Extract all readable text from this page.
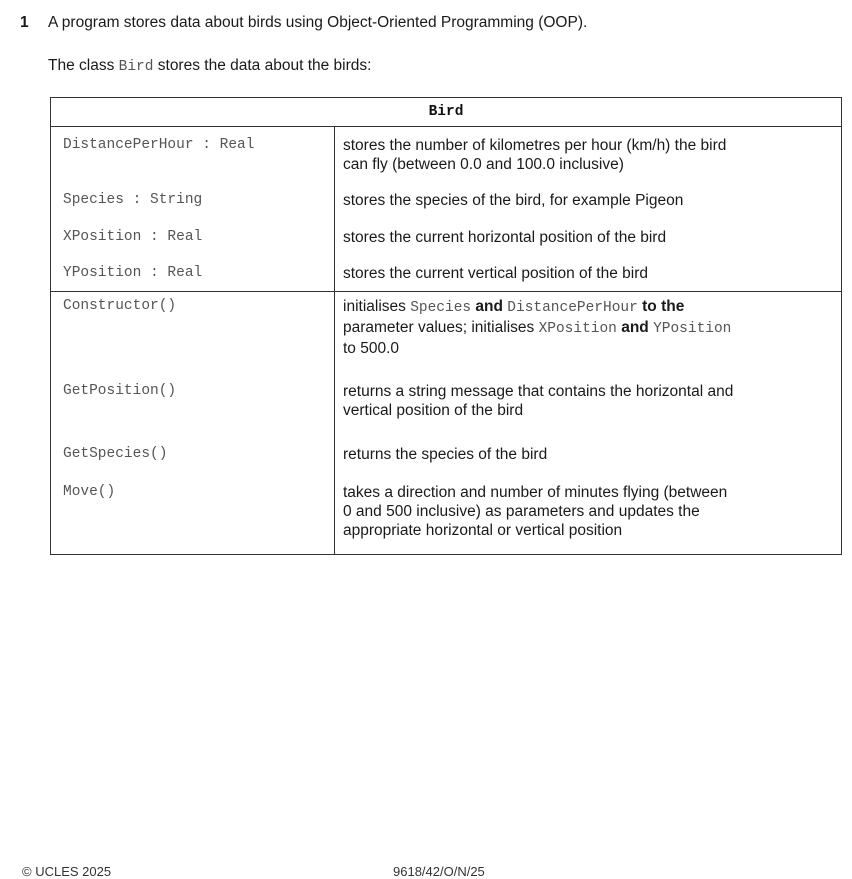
1 A program stores data about birds using Object-Oriented Programming (OOP).
The class Bird stores the data about the birds:
Bird	
DistancePerHour : Real	stores the number of kilometres per hour (km/h) the bird
can fly (between 0.0 and 100.0 inclusive)

Species : String	stores the species of the bird, for example Pigeon

XPosition : Real	stores the current horizontal position of the bird

YPosition : Real	stores the current vertical position of the bird

Constructor()	initialises Species and DistancePerHour to the
parameter values; initialises XPosition and YPosition
to 500.0

GetPosition()	returns a string message that contains the horizontal and
vertical position of the bird

GetSpecies()	returns the species of the bird

Move()	takes a direction and number of minutes flying (between
0 and 500 inclusive) as parameters and updates the
appropriate horizontal or vertical position
© UCLES 2025	9618/42/O/N/25
